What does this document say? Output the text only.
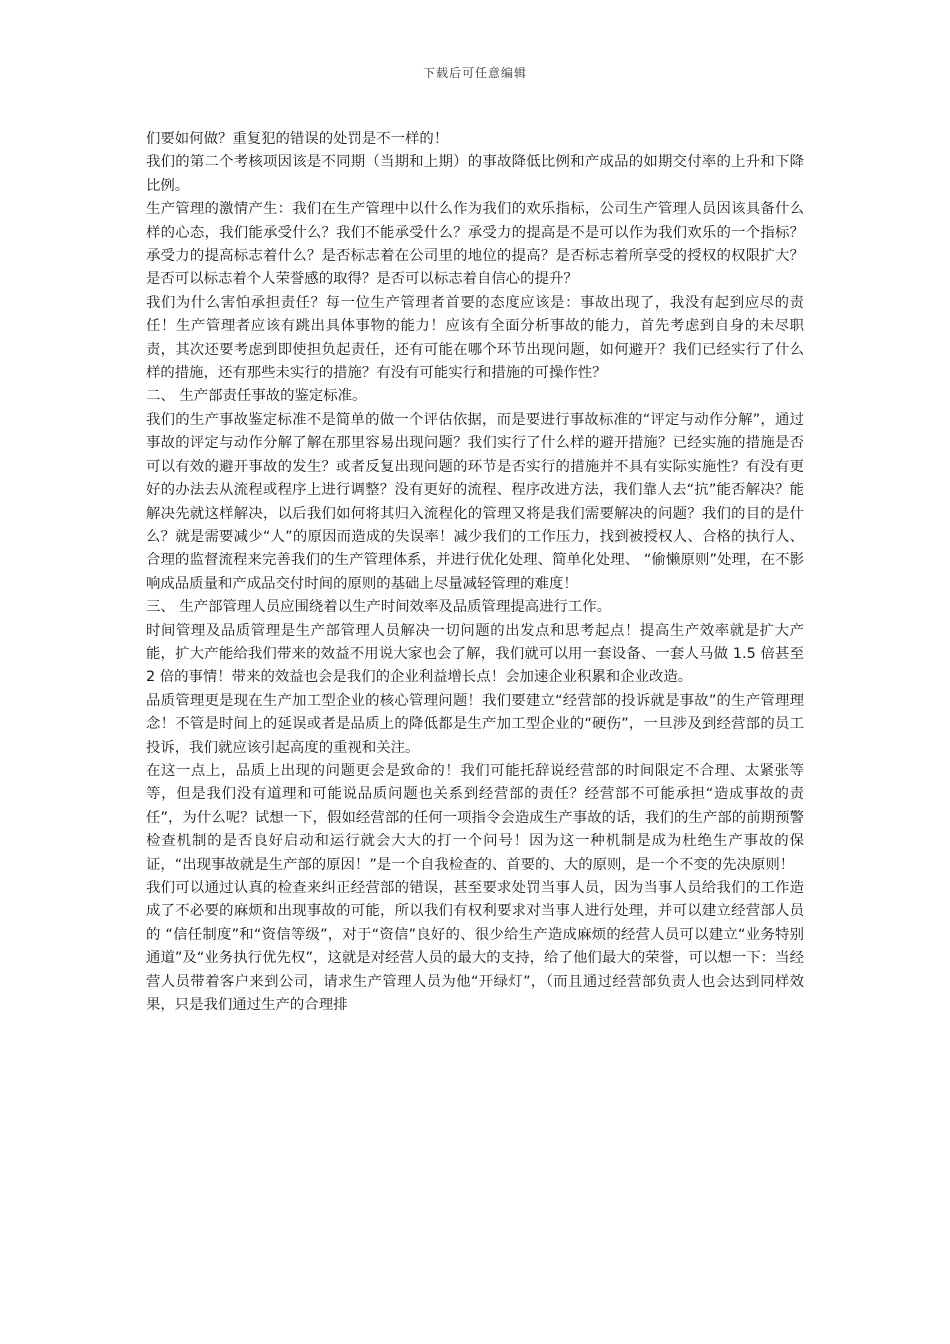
下载后可任意编辑

们要如何做？重复犯的错误的处罚是不一样的！

我们的第二个考核项因该是不同期（当期和上期）的事故降低比例和产成品的如期交付率的上升和下降比例。

生产管理的激情产生：我们在生产管理中以什么作为我们的欢乐指标，公司生产管理人员因该具备什么样的心态，我们能承受什么？我们不能承受什么？承受力的提高是不是可以作为我们欢乐的一个指标？承受力的提高标志着什么？是否标志着在公司里的地位的提高？是否标志着所享受的授权的权限扩大？是否可以标志着个人荣誉感的取得？是否可以标志着自信心的提升？

我们为什么害怕承担责任？每一位生产管理者首要的态度应该是：事故出现了，我没有起到应尽的责任！生产管理者应该有跳出具体事物的能力！应该有全面分析事故的能力，首先考虑到自身的未尽职责，其次还要考虑到即使担负起责任，还有可能在哪个环节出现问题，如何避开？我们已经实行了什么样的措施，还有那些未实行的措施？有没有可能实行和措施的可操作性？

二、 生产部责任事故的鉴定标准。

我们的生产事故鉴定标准不是简单的做一个评估依据，而是要进行事故标准的“评定与动作分解”，通过事故的评定与动作分解了解在那里容易出现问题？我们实行了什么样的避开措施？已经实施的措施是否可以有效的避开事故的发生？或者反复出现问题的环节是否实行的措施并不具有实际实施性？有没有更好的办法去从流程或程序上进行调整？没有更好的流程、程序改进方法，我们靠人去“抗”能否解决？能解决先就这样解决，以后我们如何将其归入流程化的管理又将是我们需要解决的问题？我们的目的是什么？就是需要减少“人”的原因而造成的失误率！减少我们的工作压力，找到被授权人、合格的执行人、合理的监督流程来完善我们的生产管理体系，并进行优化处理、简单化处理、 “偷懒原则”处理，在不影响成品质量和产成品交付时间的原则的基础上尽量减轻管理的难度！

三、 生产部管理人员应围绕着以生产时间效率及品质管理提高进行工作。

时间管理及品质管理是生产部管理人员解决一切问题的出发点和思考起点！提高生产效率就是扩大产能，扩大产能给我们带来的效益不用说大家也会了解，我们就可以用一套设备、一套人马做 1.5 倍甚至 2 倍的事情！带来的效益也会是我们的企业利益增长点！会加速企业积累和企业改造。

品质管理更是现在生产加工型企业的核心管理问题！我们要建立“经营部的投诉就是事故”的生产管理理念！不管是时间上的延误或者是品质上的降低都是生产加工型企业的“硬伤”，一旦涉及到经营部的员工投诉，我们就应该引起高度的重视和关注。

在这一点上，品质上出现的问题更会是致命的！我们可能托辞说经营部的时间限定不合理、太紧张等等，但是我们没有道理和可能说品质问题也关系到经营部的责任？经营部不可能承担“造成事故的责任”，为什么呢？试想一下，假如经营部的任何一项指令会造成生产事故的话，我们的生产部的前期预警检查机制的是否良好启动和运行就会大大的打一个问号！因为这一种机制是成为杜绝生产事故的保证，“出现事故就是生产部的原因！”是一个自我检查的、首要的、大的原则，是一个不变的先决原则！

我们可以通过认真的检查来纠正经营部的错误，甚至要求处罚当事人员，因为当事人员给我们的工作造成了不必要的麻烦和出现事故的可能，所以我们有权利要求对当事人进行处理，并可以建立经营部人员的 “信任制度”和“资信等级”，对于“资信”良好的、很少给生产造成麻烦的经营人员可以建立“业务特别通道”及“业务执行优先权”，这就是对经营人员的最大的支持，给了他们最大的荣誉，可以想一下：当经营人员带着客户来到公司，请求生产管理人员为他“开绿灯”，（而且通过经营部负责人也会达到同样效果，只是我们通过生产的合理排
